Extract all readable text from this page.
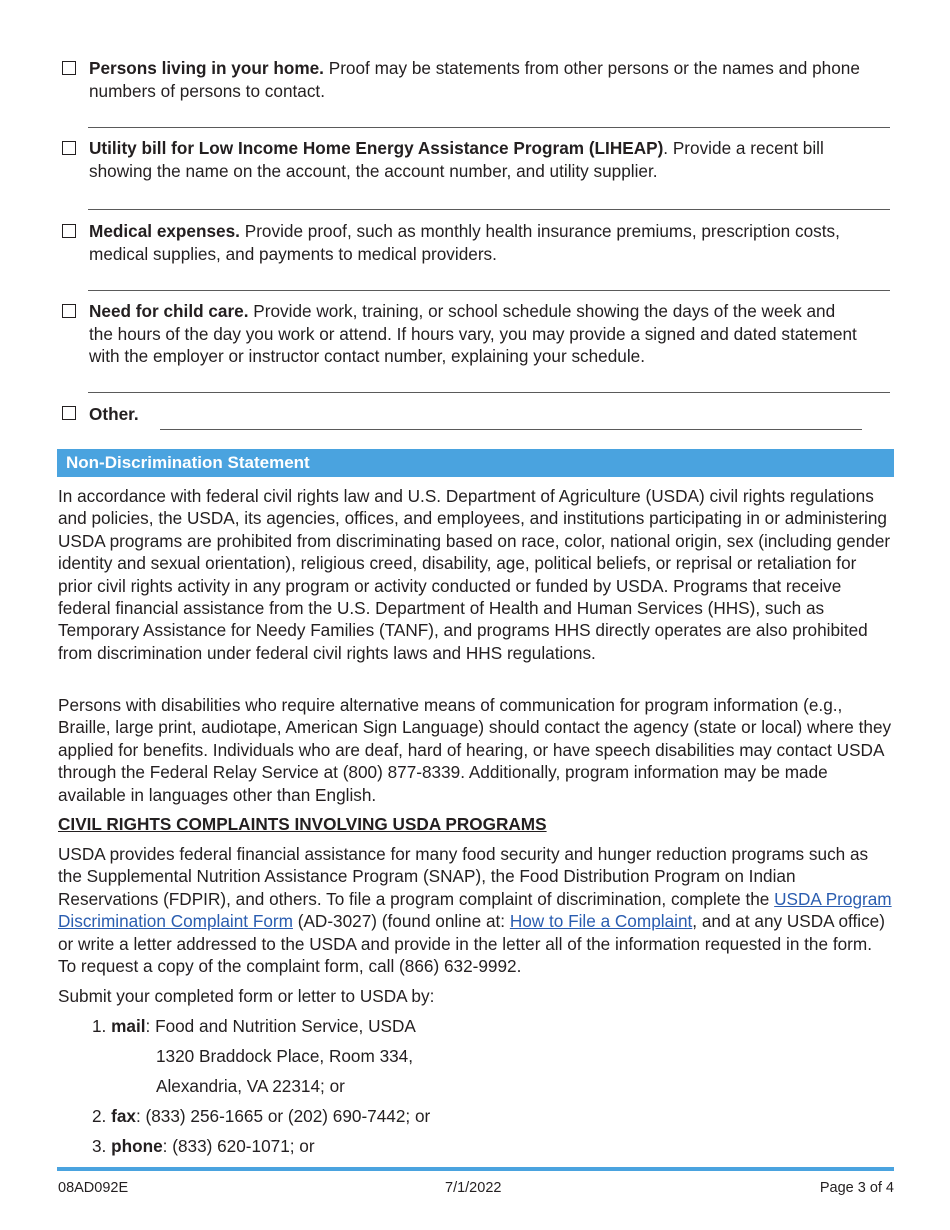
Persons living in your home. Proof may be statements from other persons or the names and phone numbers of persons to contact.
Utility bill for Low Income Home Energy Assistance Program (LIHEAP). Provide a recent bill showing the name on the account, the account number, and utility supplier.
Medical expenses. Provide proof, such as monthly health insurance premiums, prescription costs, medical supplies, and payments to medical providers.
Need for child care. Provide work, training, or school schedule showing the days of the week and the hours of the day you work or attend. If hours vary, you may provide a signed and dated statement with the employer or instructor contact number, explaining your schedule.
Other.
Non-Discrimination Statement

In accordance with federal civil rights law and U.S. Department of Agriculture (USDA) civil rights regulations and policies, the USDA, its agencies, offices, and employees, and institutions participating in or administering USDA programs are prohibited from discriminating based on race, color, national origin, sex (including gender identity and sexual orientation), religious creed, disability, age, political beliefs, or reprisal or retaliation for prior civil rights activity in any program or activity conducted or funded by USDA. Programs that receive federal financial assistance from the U.S. Department of Health and Human Services (HHS), such as Temporary Assistance for Needy Families (TANF), and programs HHS directly operates are also prohibited from discrimination under federal civil rights laws and HHS regulations.

Persons with disabilities who require alternative means of communication for program information (e.g., Braille, large print, audiotape, American Sign Language) should contact the agency (state or local) where they applied for benefits. Individuals who are deaf, hard of hearing, or have speech disabilities may contact USDA through the Federal Relay Service at (800) 877-8339. Additionally, program information may be made available in languages other than English.

CIVIL RIGHTS COMPLAINTS INVOLVING USDA PROGRAMS

USDA provides federal financial assistance for many food security and hunger reduction programs such as the Supplemental Nutrition Assistance Program (SNAP), the Food Distribution Program on Indian Reservations (FDPIR), and others. To file a program complaint of discrimination, complete the USDA Program Discrimination Complaint Form (AD-3027) (found online at: How to File a Complaint, and at any USDA office) or write a letter addressed to the USDA and provide in the letter all of the information requested in the form. To request a copy of the complaint form, call (866) 632-9992.

Submit your completed form or letter to USDA by:
1. mail: Food and Nutrition Service, USDA
1320 Braddock Place, Room 334,
Alexandria, VA 22314; or
2. fax: (833) 256-1665 or (202) 690-7442; or
3. phone: (833) 620-1071; or
08AD092E	7/1/2022	Page 3 of 4
